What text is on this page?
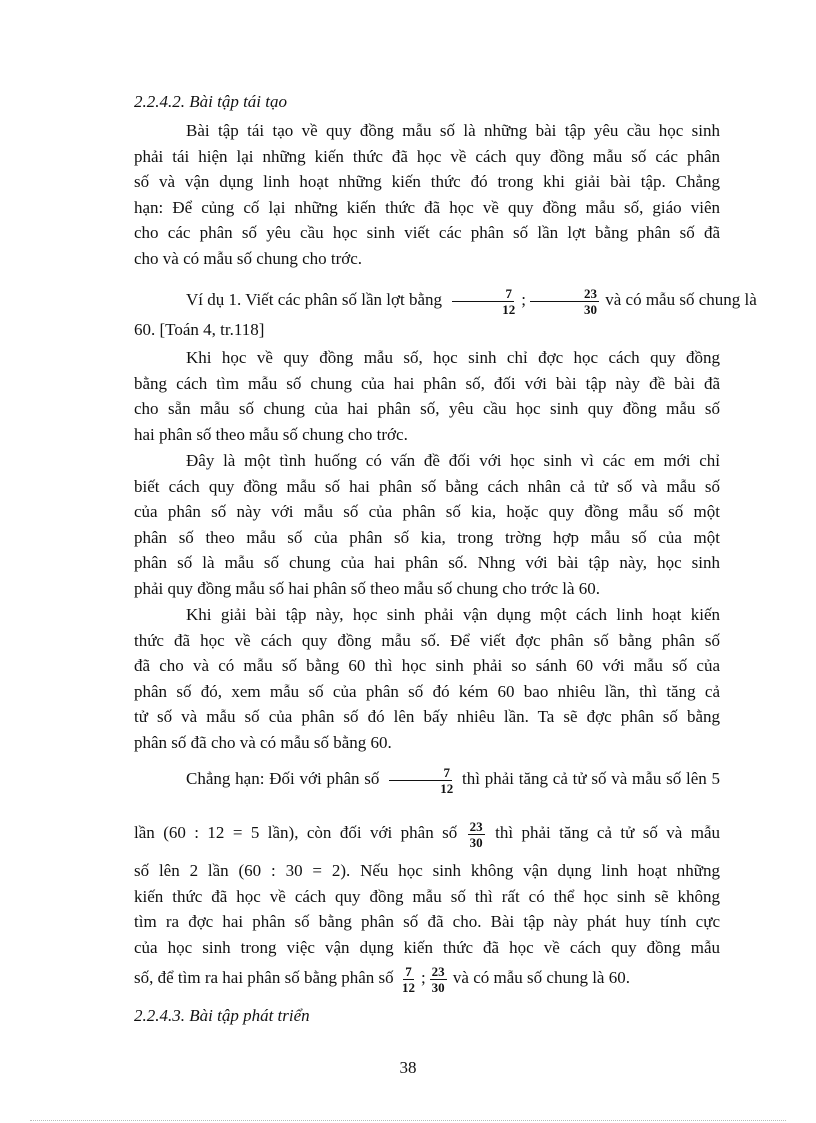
2.2.4.2. Bài tập tái tạo
Bài tập tái tạo về quy đồng mẫu số là những bài tập yêu cầu học sinh
phải tái hiện lại những kiến thức đã học về cách quy đồng mẫu số các phân
số và vận dụng linh hoạt những kiến thức đó trong khi giải bài tập. Chẳng
hạn: Để củng cố lại những kiến thức đã học về quy đồng mẫu số, giáo viên
cho các phân số yêu cầu học sinh viết các phân số lần lợt bằng phân số đã
cho và có mẫu số chung cho trớc.
Ví dụ 1. Viết các phân số lần lợt bằng $\frac{7}{12}$ ; $\frac{23}{30}$ và có mẫu số chung là
60. [Toán 4, tr.118]
Khi học về quy đồng mẫu số, học sinh chỉ đợc học cách quy đồng
bằng cách tìm mẫu số chung của hai phân số, đối với bài tập này đề bài đã
cho sẵn mẫu số chung của hai phân số, yêu cầu học sinh quy đồng mẫu số
hai phân số theo mẫu số chung cho trớc.
Đây là một tình huống có vấn đề đối với học sinh vì các em mới chỉ
biết cách quy đồng mẫu số hai phân số bằng cách nhân cả tử số và mẫu số
của phân số này với mẫu số của phân số kia, hoặc quy đồng mẫu số một
phân số theo mẫu số của phân số kia, trong trờng hợp mẫu số của một
phân số là mẫu số chung của hai phân số. Nhng với bài tập này, học sinh
phải quy đồng mẫu số hai phân số theo mẫu số chung cho trớc là 60.
Khi giải bài tập này, học sinh phải vận dụng một cách linh hoạt kiến
thức đã học về cách quy đồng mẫu số. Để viết đợc phân số bằng phân số
đã cho và có mẫu số bằng 60 thì học sinh phải so sánh 60 với mẫu số của
phân số đó, xem mẫu số của phân số đó kém 60 bao nhiêu lần, thì tăng cả
tử số và mẫu số của phân số đó lên bấy nhiêu lần. Ta sẽ đợc phân số bằng
phân số đã cho và có mẫu số bằng 60.
Chẳng hạn: Đối với phân số $\frac{7}{12}$ thì phải tăng cả tử số và mẫu số lên 5
lần (60 : 12 = 5 lần), còn đối với phân số $\frac{23}{30}$ thì phải tăng cả tử số và mẫu
số lên 2 lần (60 : 30 = 2). Nếu học sinh không vận dụng linh hoạt những
kiến thức đã học về cách quy đồng mẫu số thì rất có thể học sinh sẽ không
tìm ra đợc hai phân số bằng phân số đã cho. Bài tập này phát huy tính cực
của học sinh trong việc vận dụng kiến thức đã học về cách quy đồng mẫu
số, để tìm ra hai phân số bằng phân số $\frac{7}{12}$ ; $\frac{23}{30}$ và có mẫu số chung là 60.
2.2.4.3. Bài tập phát triển
38
